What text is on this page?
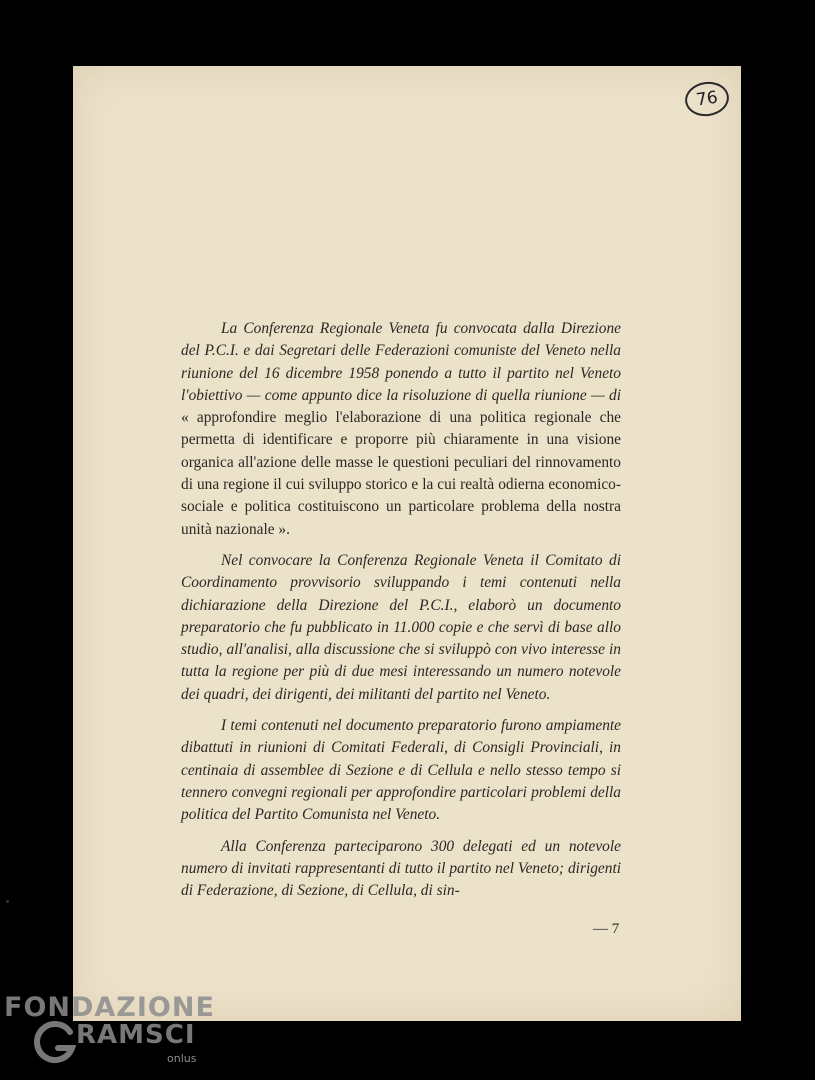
76

La Conferenza Regionale Veneta fu convocata dalla Direzione del P.C.I. e dai Segretari delle Federazioni comuniste del Veneto nella riunione del 16 dicembre 1958 ponendo a tutto il partito nel Veneto l'obiettivo — come appunto dice la risoluzione di quella riunione — di « approfondire meglio l'elaborazione di una politica regionale che permetta di identificare e proporre più chiaramente in una visione organica all'azione delle masse le questioni peculiari del rinnovamento di una regione il cui sviluppo storico e la cui realtà odierna economico-sociale e politica costituiscono un particolare problema della nostra unità nazionale ».

Nel convocare la Conferenza Regionale Veneta il Comitato di Coordinamento provvisorio sviluppando i temi contenuti nella dichiarazione della Direzione del P.C.I., elaborò un documento preparatorio che fu pubblicato in 11.000 copie e che servì di base allo studio, all'analisi, alla discussione che si sviluppò con vivo interesse in tutta la regione per più di due mesi interessando un numero notevole dei quadri, dei dirigenti, dei militanti del partito nel Veneto.

I temi contenuti nel documento preparatorio furono ampiamente dibattuti in riunioni di Comitati Federali, di Consigli Provinciali, in centinaia di assemblee di Sezione e di Cellula e nello stesso tempo si tennero convegni regionali per approfondire particolari problemi della politica del Partito Comunista nel Veneto.

Alla Conferenza parteciparono 300 delegati ed un notevole numero di invitati rappresentanti di tutto il partito nel Veneto; dirigenti di Federazione, di Sezione, di Cellula, di sin-

— 7
FONDAZIONE
RAMSCI
onlus
